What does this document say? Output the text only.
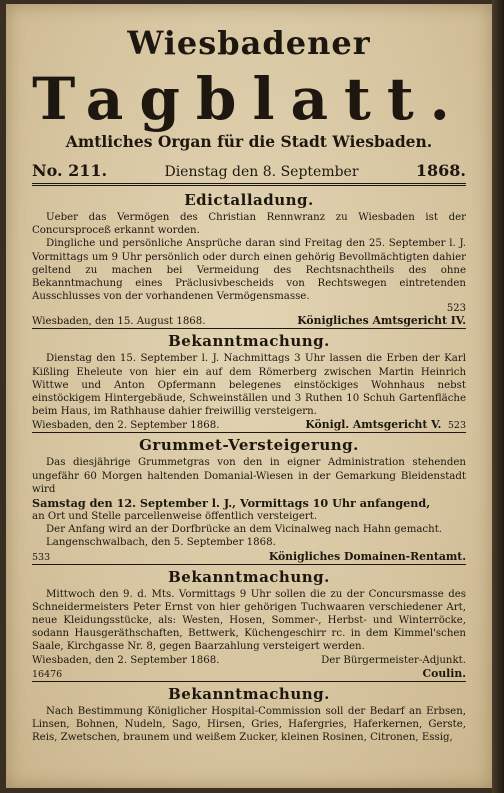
Wiesbadener
Tagblatt.
Amtliches Organ für die Stadt Wiesbaden.
No. 211.	Dienstag den 8. September	1868.
Edictalladung.

Ueber das Vermögen des Christian Rennwranz zu Wiesbaden ist der Concursproceß erkannt worden.

Dingliche und persönliche Ansprüche daran sind Freitag den 25. September l. J. Vormittags um 9 Uhr persönlich oder durch einen gehörig Bevollmächtigten dahier geltend zu machen bei Vermeidung des Rechtsnachtheils des ohne Bekanntmachung eines Präclusivbescheids von Rechtswegen eintretenden Ausschlusses von der vorhandenen Vermögensmasse.

523
Wiesbaden, den 15. August 1868.	Königliches Amtsgericht IV.
Bekanntmachung.

Dienstag den 15. September l. J. Nachmittags 3 Uhr lassen die Erben der Karl Kißling Eheleute von hier ein auf dem Römerberg zwischen Martin Heinrich Wittwe und Anton Opfermann belegenes einstöckiges Wohnhaus nebst einstöckigem Hintergebäude, Schweinställen und 3 Ruthen 10 Schuh Gartenfläche beim Haus, im Rathhause dahier freiwillig versteigern.

Wiesbaden, den 2. September 1868.	Königl. Amtsgericht V. 523
Grummet-Versteigerung.

Das diesjährige Grummetgras von den in eigner Administration stehenden ungefähr 60 Morgen haltenden Domanial-Wiesen in der Gemarkung Bleidenstadt wird

Samstag den 12. September l. J., Vormittags 10 Uhr anfangend,

an Ort und Stelle parcellenweise öffentlich versteigert.

Der Anfang wird an der Dorfbrücke an dem Vicinalweg nach Hahn gemacht.

Langenschwalbach, den 5. September 1868.

533	Königliches Domainen-Rentamt.
Bekanntmachung.

Mittwoch den 9. d. Mts. Vormittags 9 Uhr sollen die zu der Concursmasse des Schneidermeisters Peter Ernst von hier gehörigen Tuchwaaren verschiedener Art, neue Kleidungsstücke, als: Westen, Hosen, Sommer-, Herbst- und Winterröcke, sodann Hausgeräthschaften, Bettwerk, Küchengeschirr rc. in dem Kimmel'schen Saale, Kirchgasse Nr. 8, gegen Baarzahlung versteigert werden.

Wiesbaden, den 2. September 1868.	Der Bürgermeister-Adjunkt.
16476	Coulin.
Bekanntmachung.

Nach Bestimmung Königlicher Hospital-Commission soll der Bedarf an Erbsen, Linsen, Bohnen, Nudeln, Sago, Hirsen, Gries, Hafergries, Haferkernen, Gerste, Reis, Zwetschen, braunem und weißem Zucker, kleinen Rosinen, Citronen, Essig,
